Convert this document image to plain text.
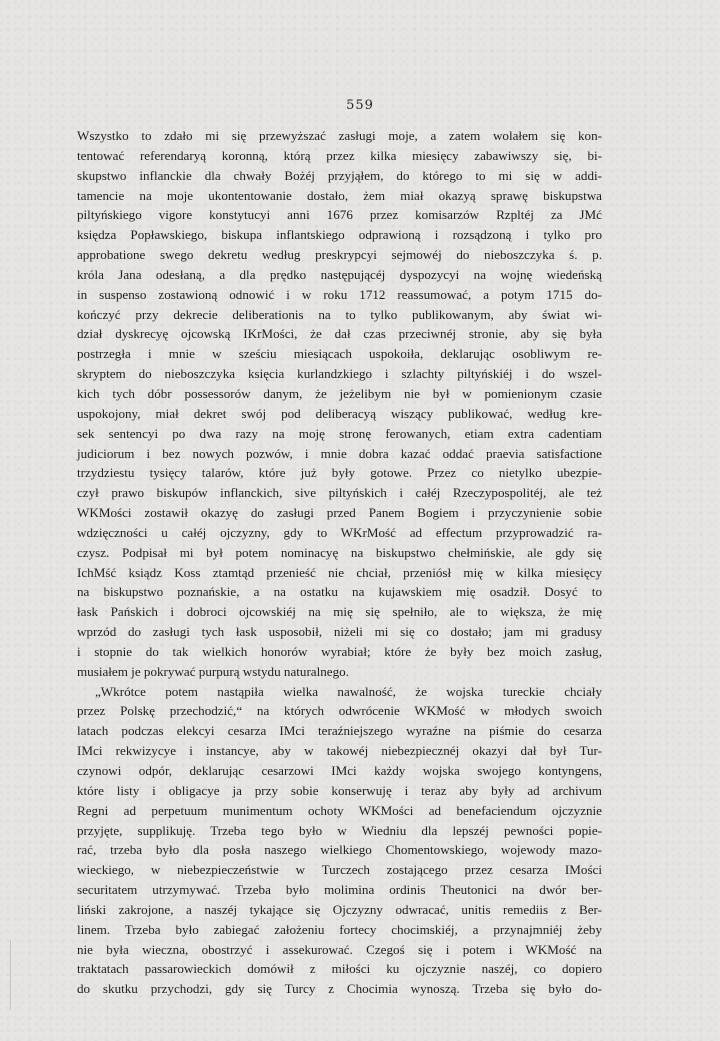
559
Wszystko to zdało mi się przewyższać zasługi moje, a zatem wolałem się kon-
tentować referendaryą koronną, którą przez kilka miesięcy zabawiwszy się, bi-
skupstwo inflanckie dla chwały Bożéj przyjąłem, do którego to mi się w addi-
tamencie na moje ukontentowanie dostało, żem miał okazyą sprawę biskupstwa
piltyńskiego vigore konstytucyi anni 1676 przez komisarzów Rzpltéj za JMć
księdza Popławskiego, biskupa inflantskiego odprawioną i rozsądzoną i tylko pro
approbatione swego dekretu według preskrypcyi sejmowéj do nieboszczyka ś. p.
króla Jana odesłaną, a dla prędko następującéj dyspozycyi na wojnę wiedeńską
in suspenso zostawioną odnowić i w roku 1712 reassumować, a potym 1715 do-
kończyć przy dekrecie deliberationis na to tylko publikowanym, aby świat wi-
dział dyskrecyę ojcowską IKrMości, że dał czas przeciwnéj stronie, aby się była
postrzegła i mnie w sześciu miesiącach uspokoiła, deklarując osobliwym re-
skryptem do nieboszczyka księcia kurlandzkiego i szlachty piltyńskiéj i do wszel-
kich tych dóbr possessorów danym, że jeżelibym nie był w pomienionym czasie
uspokojony, miał dekret swój pod deliberacyą wiszący publikować, według kre-
sek sentencyi po dwa razy na moję stronę ferowanych, etiam extra cadentiam
judiciorum i bez nowych pozwów, i mnie dobra kazać oddać praevia satisfactione
trzydziestu tysięcy talarów, które już były gotowe. Przez co nietylko ubezpie-
czył prawo biskupów inflanckich, sive piltyńskich i całéj Rzeczypospolitéj, ale też
WKMości zostawił okazyę do zasługi przed Panem Bogiem i przyczynienie sobie
wdzięczności u całéj ojczyzny, gdy to WKrMość ad effectum przyprowadzić ra-
czysz. Podpisał mi był potem nominacyę na biskupstwo chełmińskie, ale gdy się
IchMść ksiądz Koss ztamtąd przenieść nie chciał, przeniósł mię w kilka miesięcy
na biskupstwo poznańskie, a na ostatku na kujawskiem mię osadził. Dosyć to
łask Pańskich i dobroci ojcowskiéj na mię się spełniło, ale to większa, że mię
wprzód do zasługi tych łask usposobił, niżeli mi się co dostało; jam mi gradusy
i stopnie do tak wielkich honorów wyrabiał; które że były bez moich zasług,
musiałem je pokrywać purpurą wstydu naturalnego.
„Wkrótce potem nastąpiła wielka nawalność, że wojska tureckie chciały
przez Polskę przechodzić,“ na których odwrócenie WKMość w młodych swoich
latach podczas elekcyi cesarza IMci teraźniejszego wyraźne na piśmie do cesarza
IMci rekwizycye i instancye, aby w takowéj niebezpiecznéj okazyi dał był Tur-
czynowi odpór, deklarując cesarzowi IMci każdy wojska swojego kontyngens,
które listy i obligacye ja przy sobie konserwuję i teraz aby były ad archivum
Regni ad perpetuum munimentum ochoty WKMości ad benefaciendum ojczyznie
przyjęte, supplikuję. Trzeba tego było w Wiedniu dla lepszéj pewności popie-
rać, trzeba było dla posła naszego wielkiego Chomentowskiego, wojewody mazo-
wieckiego, w niebezpieczeństwie w Turczech zostającego przez cesarza IMości
securitatem utrzymywać. Trzeba było molimina ordinis Theutonici na dwór ber-
liński zakrojone, a naszéj tykające się Ojczyzny odwracać, unitis remediis z Ber-
linem. Trzeba było zabiegać założeniu fortecy chocimskiéj, a przynajmniéj żeby
nie była wieczna, obostrzyć i assekurować. Czegoś się i potem i WKMość na
traktatach passarowieckich domówił z miłości ku ojczyznie naszéj, co dopiero
do skutku przychodzi, gdy się Turcy z Chocimia wynoszą. Trzeba się było do-
